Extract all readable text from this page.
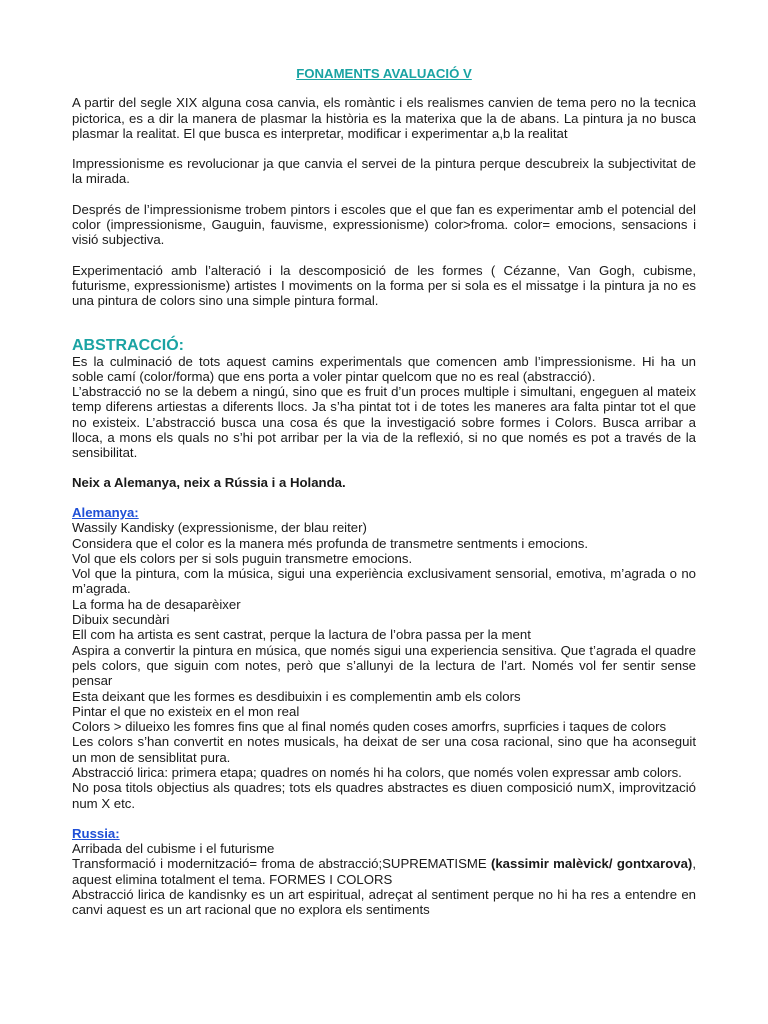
FONAMENTS AVALUACIÓ V
A partir del segle XIX alguna cosa canvia, els romàntic i els realismes canvien de tema pero no la tecnica pictorica, es a dir la manera de plasmar la història es la materixa que la de abans. La pintura ja no busca plasmar la realitat. El que busca es interpretar, modificar i experimentar a,b la realitat
Impressionisme es revolucionar ja que canvia el servei de la pintura perque descubreix la subjectivitat de la mirada.
Després de l’impressionisme trobem pintors i escoles que el que fan es experimentar amb el potencial del color (impressionisme, Gauguin, fauvisme, expressionisme) color>froma. color= emocions, sensacions i visió subjectiva.
Experimentació amb l’alteració i la descomposició de les formes ( Cézanne, Van Gogh, cubisme, futurisme, expressionisme) artistes I moviments on la forma per si sola es el missatge i la pintura ja no es una pintura de colors sino una simple pintura formal.
ABSTRACCIÓ:
Es la culminació de tots aquest camins experimentals que comencen amb l’impressionisme. Hi ha un soble camí (color/forma) que ens porta a voler pintar quelcom que no es real (abstracció).
L’abstracció no se la debem a ningú, sino que es fruit d’un proces multiple i simultani, engeguen al mateix temp diferens artiestas a diferents llocs. Ja s’ha pintat tot i de totes les maneres ara falta pintar tot el que no existeix. L’abstracció busca una cosa és que la investigació sobre formes i Colors. Busca arribar a lloca, a mons els quals no s’hi pot arribar per la via de la reflexió, si no que només es pot a través de la sensibilitat.
Neix a Alemanya, neix a Rússia i a Holanda.
Alemanya:
Wassily Kandisky (expressionisme, der blau reiter)
Considera que el color es la manera més profunda de transmetre sentments i emocions.
Vol que els colors per si sols puguin transmetre emocions.
Vol que la pintura, com la música, sigui una experiència exclusivament sensorial, emotiva, m’agrada o no m’agrada.
La forma ha de desaparèixer
Dibuix secundàri
Ell com ha artista es sent castrat, perque la lactura de l’obra passa per la ment
Aspira a convertir la pintura en música, que només sigui una experiencia sensitiva. Que t’agrada el quadre pels colors, que siguin com notes, però que s’allunyi de la lectura de l’art. Només vol fer sentir sense pensar
Esta deixant que les formes es desdibuixin i es complementin amb els colors
Pintar el que no existeix en el mon real
Colors > dilueixo les fomres fins que al final només quden coses amorfrs, suprficies i taques de colors
Les colors s’han convertit en notes musicals, ha deixat de ser una cosa racional, sino que ha aconseguit un mon de sensiblitat pura.
Abstracció lirica: primera etapa; quadres on només hi ha colors, que només volen expressar amb colors.
No posa titols objectius als quadres; tots els quadres abstractes es diuen composició numX, improvització num X etc.
Russia:
Arribada del cubisme i el futurisme
Transformació i modernització= froma de abstracció;SUPREMATISME (kassimir malèvick/ gontxarova), aquest elimina totalment el tema. FORMES I COLORS
Abstracció lirica de kandisnky es un art espiritual, adreçat al sentiment perque no hi ha res a entendre en canvi aquest es un art racional que no explora els sentiments
